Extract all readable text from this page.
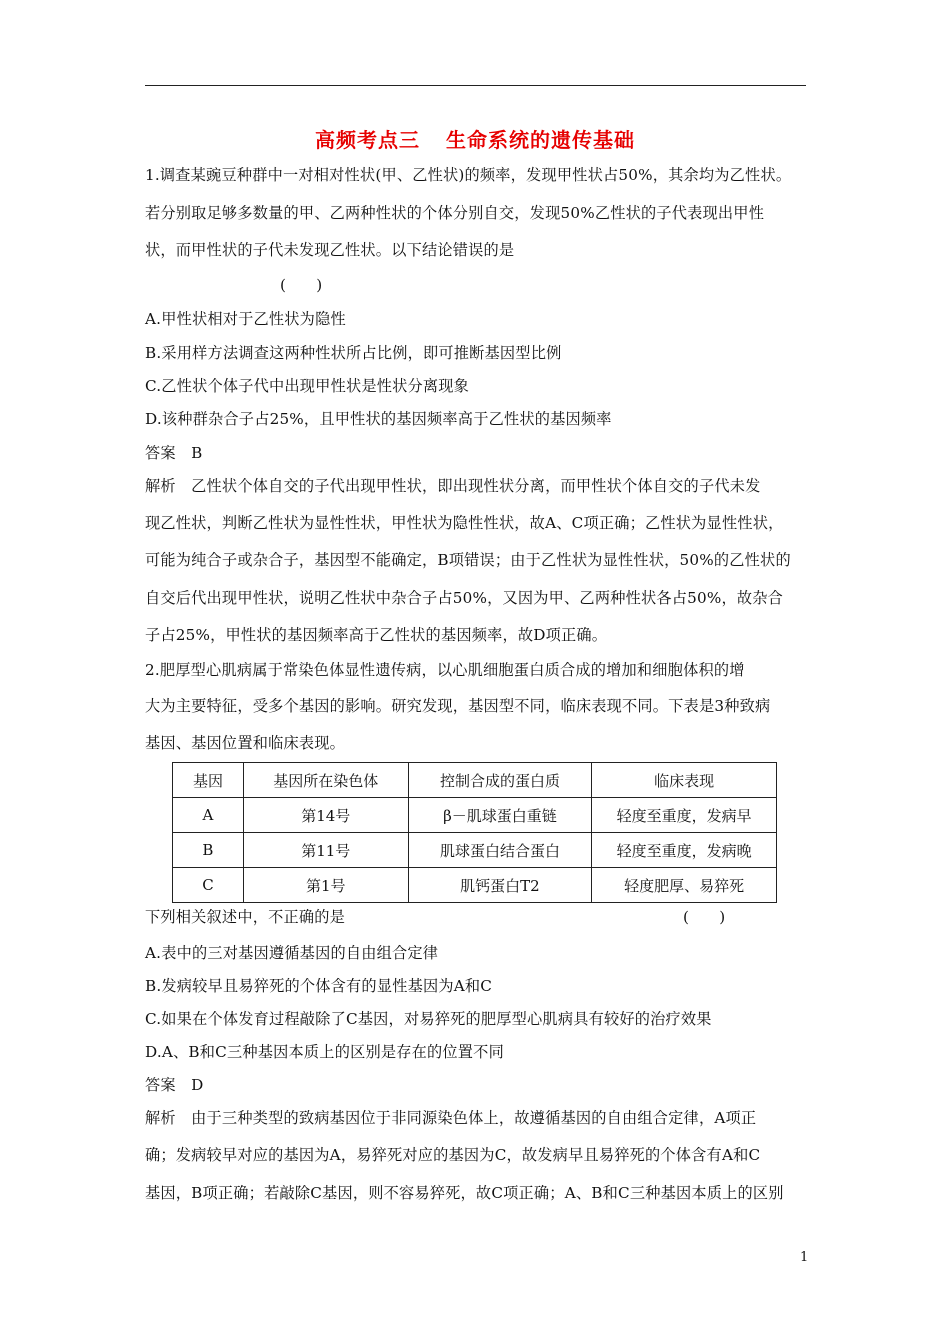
高频考点三 生命系统的遗传基础
1.调查某豌豆种群中一对相对性状(甲、乙性状)的频率，发现甲性状占50%，其余均为乙性状。
若分别取足够多数量的甲、乙两种性状的个体分别自交，发现50%乙性状的子代表现出甲性
状，而甲性状的子代未发现乙性状。以下结论错误的是
(　　)
A.甲性状相对于乙性状为隐性
B.采用样方法调查这两种性状所占比例，即可推断基因型比例
C.乙性状个体子代中出现甲性状是性状分离现象
D.该种群杂合子占25%，且甲性状的基因频率高于乙性状的基因频率
答案　B
解析　乙性状个体自交的子代出现甲性状，即出现性状分离，而甲性状个体自交的子代未发
现乙性状，判断乙性状为显性性状，甲性状为隐性性状，故A、C项正确；乙性状为显性性状，
可能为纯合子或杂合子，基因型不能确定，B项错误；由于乙性状为显性性状，50%的乙性状的
自交后代出现甲性状，说明乙性状中杂合子占50%，又因为甲、乙两种性状各占50%，故杂合
子占25%，甲性状的基因频率高于乙性状的基因频率，故D项正确。
2.肥厚型心肌病属于常染色体显性遗传病，以心肌细胞蛋白质合成的增加和细胞体积的增
大为主要特征，受多个基因的影响。研究发现，基因型不同，临床表现不同。下表是3种致病
基因、基因位置和临床表现。
基因	基因所在染色体	控制合成的蛋白质	临床表现
A	第14号	β－肌球蛋白重链	轻度至重度，发病早
B	第11号	肌球蛋白结合蛋白	轻度至重度，发病晚
C	第1号	肌钙蛋白T2	轻度肥厚、易猝死
下列相关叙述中，不正确的是	(　　)
A.表中的三对基因遵循基因的自由组合定律
B.发病较早且易猝死的个体含有的显性基因为A和C
C.如果在个体发育过程敲除了C基因，对易猝死的肥厚型心肌病具有较好的治疗效果
D.A、B和C三种基因本质上的区别是存在的位置不同
答案　D
解析　由于三种类型的致病基因位于非同源染色体上，故遵循基因的自由组合定律，A项正
确；发病较早对应的基因为A，易猝死对应的基因为C，故发病早且易猝死的个体含有A和C
基因，B项正确；若敲除C基因，则不容易猝死，故C项正确；A、B和C三种基因本质上的区别
1
